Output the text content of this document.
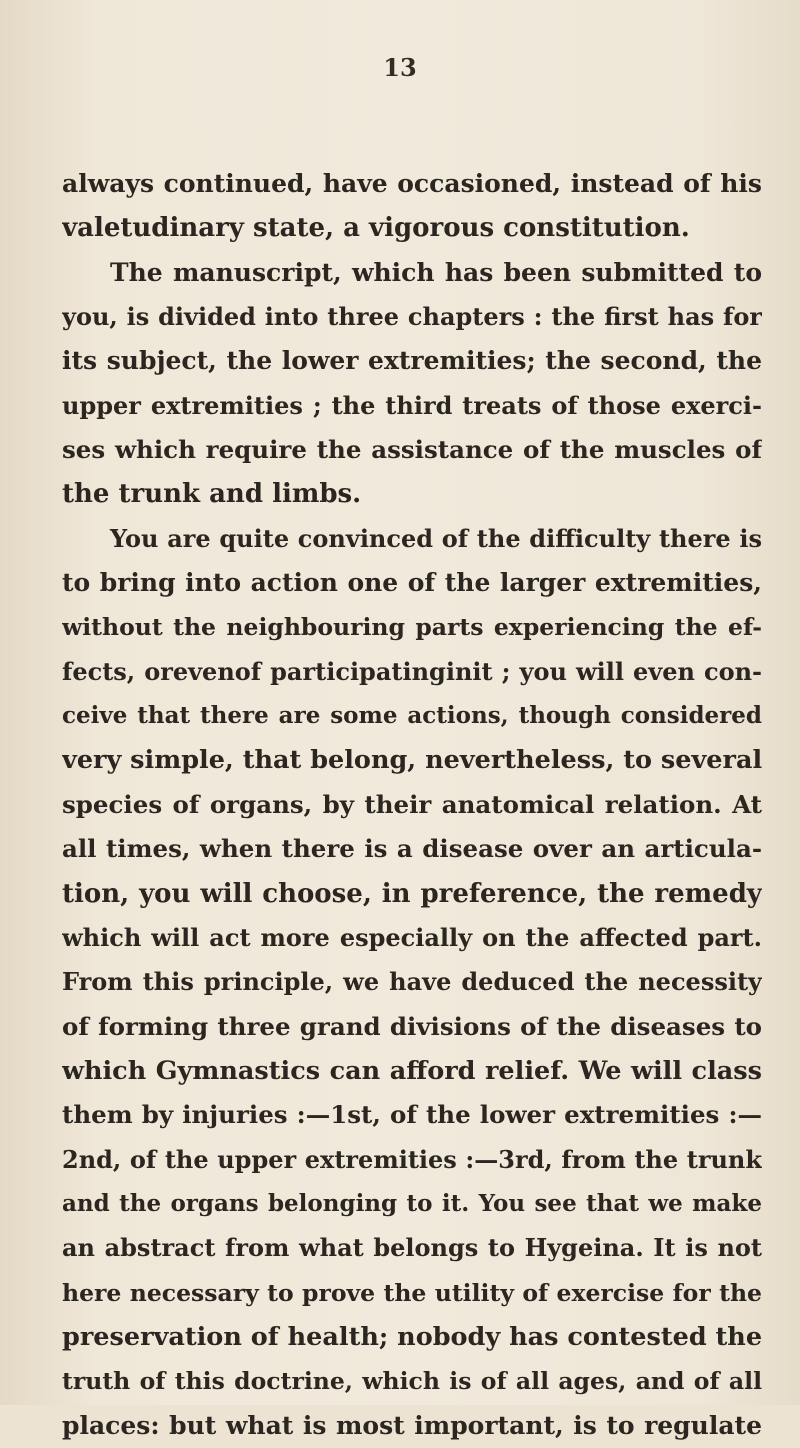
13
always continued, have occasioned, instead of his
valetudinary state, a vigorous constitution.
The manuscript, which has been submitted to
you, is divided into three chapters : the first has for
its subject, the lower extremities; the second, the
upper extremities ; the third treats of those exerci-
ses which require the assistance of the muscles of
the trunk and limbs.
You are quite convinced of the difficulty there is
to bring into action one of the larger extremities,
without the neighbouring parts experiencing the ef-
fects, orevenof participatinginit ; you will even con-
ceive that there are some actions, though considered
very simple, that belong, nevertheless, to several
species of organs, by their anatomical relation. At
all times, when there is a disease over an articula-
tion, you will choose, in preference, the remedy
which will act more especially on the affected part.
From this principle, we have deduced the necessity
of forming three grand divisions of the diseases to
which Gymnastics can afford relief. We will class
them by injuries :—1st, of the lower extremities :—
2nd, of the upper extremities :—3rd, from the trunk
and the organs belonging to it. You see that we make
an abstract from what belongs to Hygeina. It is not
here necessary to prove the utility of exercise for the
preservation of health; nobody has contested the
truth of this doctrine, which is of all ages, and of all
places: but what is most important, is to regulate
